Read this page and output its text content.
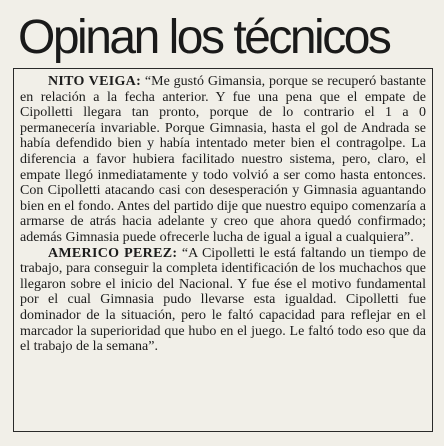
Opinan los técnicos

NITO VEIGA: “Me gustó Gimansia, porque se recuperó bastante en relación a la fecha anterior. Y fue una pena que el empate de Cipolletti llegara tan pronto, porque de lo contrario el 1 a 0 permanecería invariable. Porque Gimnasia, hasta el gol de Andrada se había defendido bien y había intentado meter bien el contragolpe. La diferencia a favor hubiera facilitado nuestro sistema, pero, claro, el empate llegó inmediatamente y todo volvió a ser como hasta entonces. Con Cipolletti atacando casi con desesperación y Gimnasia aguantando bien en el fondo. Antes del partido dije que nuestro equipo comenzaría a armarse de atrás hacia adelante y creo que ahora quedó confirmado; además Gimnasia puede ofrecerle lucha de igual a igual a cualquiera”.

AMERICO PEREZ: “A Cipolletti le está faltando un tiempo de trabajo, para conseguir la completa identificación de los muchachos que llegaron sobre el inicio del Nacional. Y fue ése el motivo fundamental por el cual Gimnasia pudo llevarse esta igualdad. Cipolletti fue dominador de la situación, pero le faltó capacidad para reflejar en el marcador la superioridad que hubo en el juego. Le faltó todo eso que da el trabajo de la semana”.
